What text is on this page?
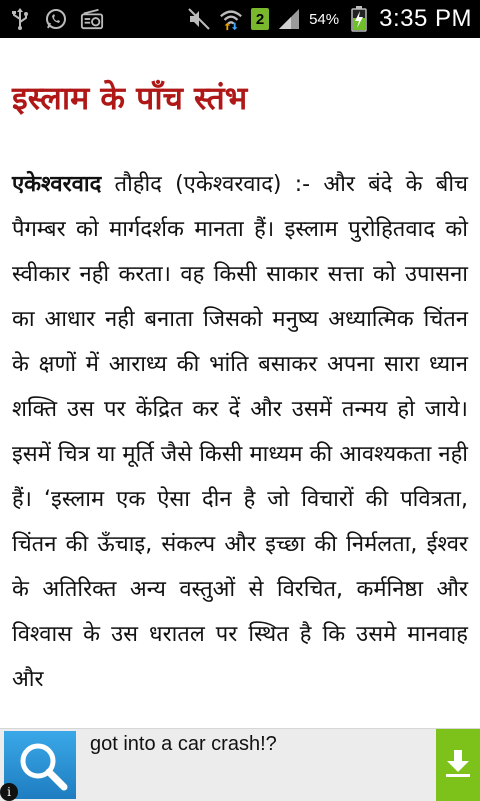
2	54% 3:35 PM
इस्लाम के पाँच स्तंभ

एकेश्वरवाद तौहीद (एकेश्वरवाद) :- और बंदे के बीच पैगम्बर को मार्गदर्शक मानता हैं। इस्लाम पुरोहितवाद को स्वीकार नही करता। वह किसी साकार सत्ता को उपासना का आधार नही बनाता जिसको मनुष्य अध्यात्मिक चिंतन के क्षणों में आराध्य की भांति बसाकर अपना सारा ध्यान शक्ति उस पर केंद्रित कर दें और उसमें तन्मय हो जाये। इसमें चित्र या मूर्ति जैसे किसी माध्यम की आवश्यकता नही हैं। ‘इस्लाम एक ऐसा दीन है जो विचारों की पवित्रता, चिंतन की ऊॅंचाइ, संकल्प और इच्छा की निर्मलता, ईश्वर के अतिरिक्त अन्य वस्तुओं से विरचित, कर्मनिष्ठा और विश्वास के उस धरातल पर स्थित है कि उसमे मानवाह और

i
got into a car crash!?
